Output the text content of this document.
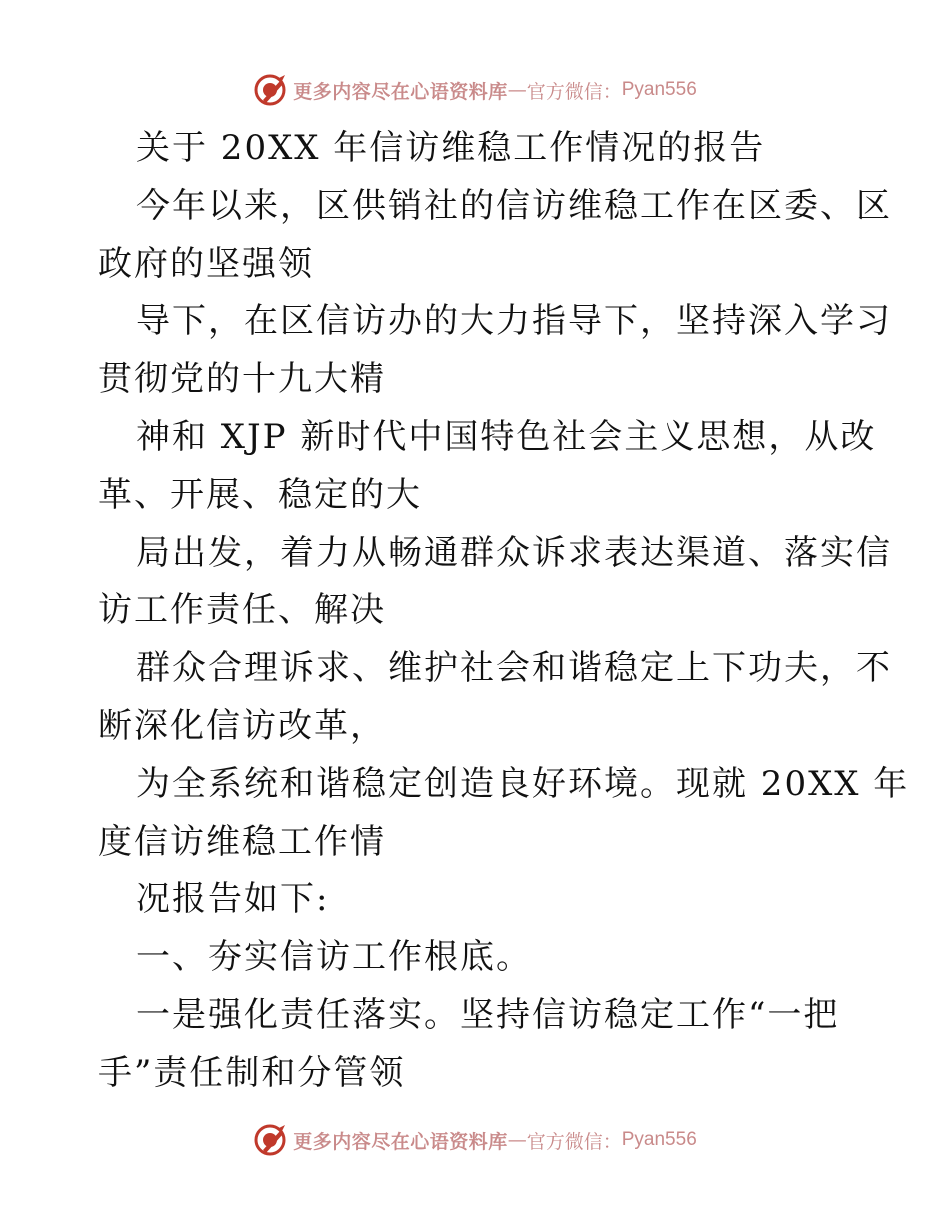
更多内容尽在心语资料库 — 官方微信： Pyan556
关于 20XX 年信访维稳工作情况的报告
今年以来，区供销社的信访维稳工作在区委、区
政府的坚强领
导下，在区信访办的大力指导下，坚持深入学习
贯彻党的十九大精
神和 XJP 新时代中国特色社会主义思想，从改
革、开展、稳定的大
局出发，着力从畅通群众诉求表达渠道、落实信
访工作责任、解决
群众合理诉求、维护社会和谐稳定上下功夫，不
断深化信访改革，
为全系统和谐稳定创造良好环境。现就 20XX 年
度信访维稳工作情
况报告如下:
一、夯实信访工作根底。
一是强化责任落实。坚持信访稳定工作“一把
手”责任制和分管领
更多内容尽在心语资料库 — 官方微信： Pyan556
